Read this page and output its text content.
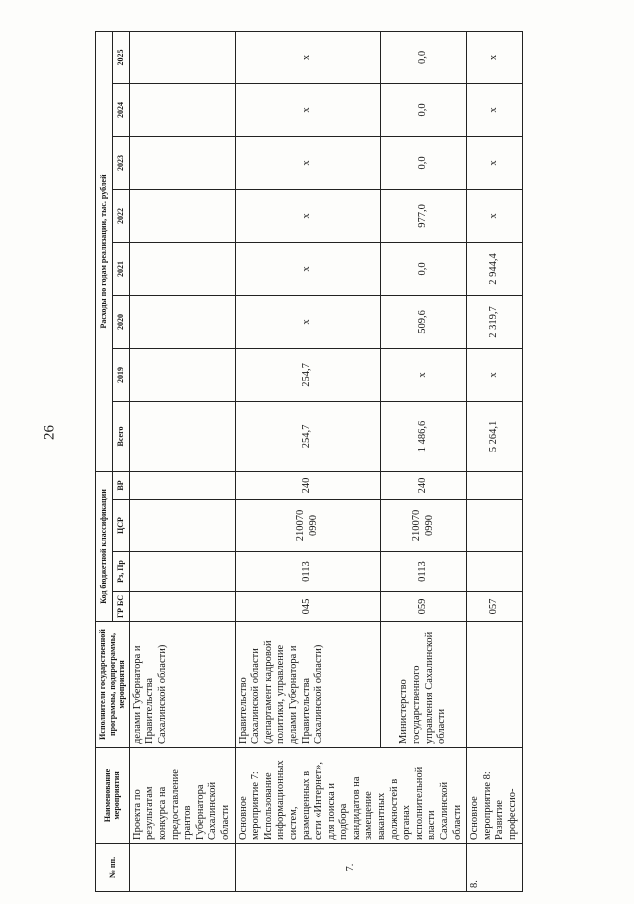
26
№ пп.	Наименование мероприятия	Исполнители государственной программы, подпрограммы, мероприятия	Код бюджетной классификации				Расходы по годам реализации, тыс. рублей							
			ГР БС	Рз, Пр	ЦСР	ВР	Всего	2019	2020	2021	2022	2023	2024	2025
	Проекта по результатам конкурса на предоставление грантов Губернатора Сахалинской области	делами Губернатора и Правительства Сахалинской области)												
7.	Основное мероприятие 7: Использование информационных систем, размещенных в сети «Интернет», для поиска и подбора кандидатов на замещение вакантных должностей в органах исполнительной власти Сахалинской области	Правительство Сахалинской области (департамент кадровой политики, управление делами Губернатора и Правительства Сахалинской области)	045	0113	210070 0990	240	254,7	254,7	х	х	х	х	х	х
		Министерство государственного управления Сахалинской области	059	0113	210070 0990	240	1 486,6	х	509,6	0,0	977,0	0,0	0,0	0,0
8.	Основное мероприятие 8: Развитие профессио-		057				5 264,1	х	2 319,7	2 944,4	х	х	х	х
